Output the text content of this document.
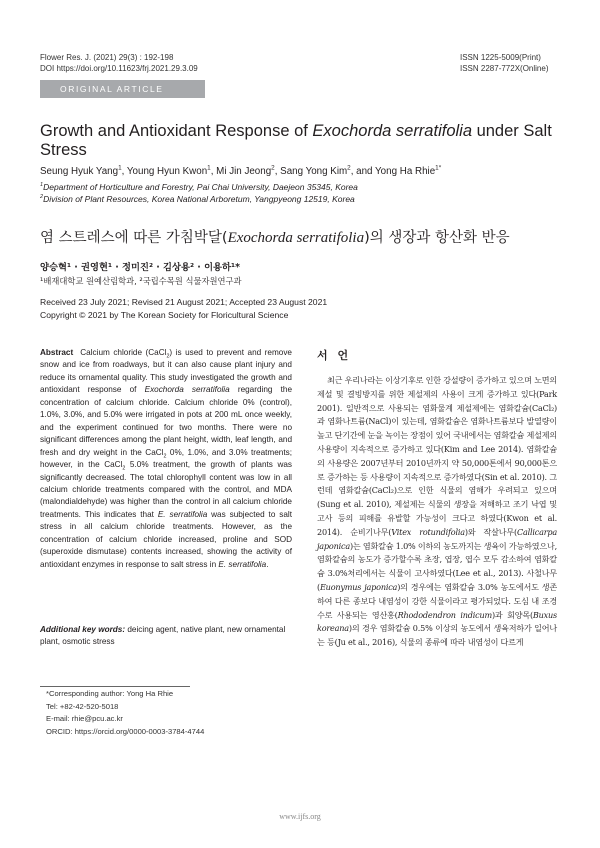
Flower Res. J. (2021) 29(3) : 192-198
DOI https://doi.org/10.11623/frj.2021.29.3.09
ISSN 1225-5009(Print)
ISSN 2287-772X(Online)
ORIGINAL ARTICLE
Growth and Antioxidant Response of Exochorda serratifolia under Salt Stress
Seung Hyuk Yang$^1$, Young Hyun Kwon$^1$, Mi Jin Jeong$^2$, Sang Yong Kim$^2$, and Yong Ha Rhie$^{1*}$
$^1$Department of Horticulture and Forestry, Pai Chai University, Daejeon 35345, Korea
$^2$Division of Plant Resources, Korea National Arboretum, Yangpyeong 12519, Korea
염 스트레스에 따른 가침박달(Exochorda serratifolia)의 생장과 항산화 반응
양승혁¹ · 권영현¹ · 정미진² · 김상용² · 이용하¹*
¹배재대학교 원예산림학과, ²국립수목원 식물자원연구과
Received 23 July 2021; Revised 21 August 2021; Accepted 23 August 2021
Copyright © 2021 by The Korean Society for Floricultural Science
Abstract Calcium chloride (CaCl$_2$) is used to prevent and remove snow and ice from roadways, but it can also cause plant injury and reduce its ornamental quality. This study investigated the growth and antioxidant response of Exochorda serratifolia regarding the concentration of calcium chloride. Calcium chloride 0% (control), 1.0%, 3.0%, and 5.0% were irrigated in pots at 200 mL once weekly, and the experiment continued for two months. There were no significant differences among the plant height, width, leaf length, and fresh and dry weight in the CaCl$_2$ 0%, 1.0%, and 3.0% treatments; however, in the CaCl$_2$ 5.0% treatment, the growth of plants was significantly decreased. The total chlorophyll content was low in all calcium chloride treatments compared with the control, and MDA (malondialdehyde) was higher than the control in all calcium chloride treatments. This indicates that E. serratifolia was subjected to salt stress in all calcium chloride treatments. However, as the concentration of calcium chloride increased, proline and SOD (superoxide dismutase) contents increased, showing the activity of antioxidant enzymes in response to salt stress in E. serratifolia.
Additional key words: deicing agent, native plant, new ornamental plant, osmotic stress
*Corresponding author: Yong Ha Rhie
Tel: +82-42-520-5018
E-mail: rhie@pcu.ac.kr
ORCID: https://orcid.org/0000-0003-3784-4744
서 언

최근 우리나라는 이상기후로 인한 강설량이 증가하고 있으며 노면의 제설 및 결빙방지를 위한 제설제의 사용이 크게 증가하고 있다(Park 2001). 일반적으로 사용되는 염화물계 제설제에는 염화칼슘(CaCl₂)과 염화나트륨(NaCl)이 있는데, 염화칼슘은 염화나트륨보다 발열량이 높고 단기간에 눈을 녹이는 장점이 있어 국내에서는 염화칼슘 제설제의 사용량이 지속적으로 증가하고 있다(Kim and Lee 2014). 염화칼슘의 사용량은 2007년부터 2010년까지 약 50,000톤에서 90,000톤으로 증가하는 등 사용량이 지속적으로 증가하였다(Sin et al. 2010). 그런데 염화칼슘(CaCl₂)으로 인한 식물의 염해가 우려되고 있으며(Sung et al. 2010), 제설제는 식물의 생장을 저해하고 조기 낙엽 및 고사 등의 피해를 유발할 가능성이 크다고 하였다(Kwon et al. 2014). 순비기나무(Vitex rotundifolia)와 작살나무(Callicarpa japonica)는 염화칼슘 1.0% 이하의 농도까지는 생육이 가능하였으나, 염화칼슘의 농도가 증가할수록 초장, 엽장, 엽수 모두 감소하여 염화칼슘 3.0%처리에서는 식물이 고사하였다(Lee et al., 2013). 사철나무(Euonymus japonica)의 경우에는 염화칼슘 3.0% 농도에서도 생존하여 다른 종보다 내염성이 강한 식물이라고 평가되었다. 도심 내 조경수로 사용되는 영산홍(Rhododendron indicum)과 회양목(Buxus koreana)의 경우 염화칼슘 0.5% 이상의 농도에서 생육저하가 일어나는 등(Ju et al., 2016), 식물의 종류에 따라 내염성이 다르게

www.ijfs.org
